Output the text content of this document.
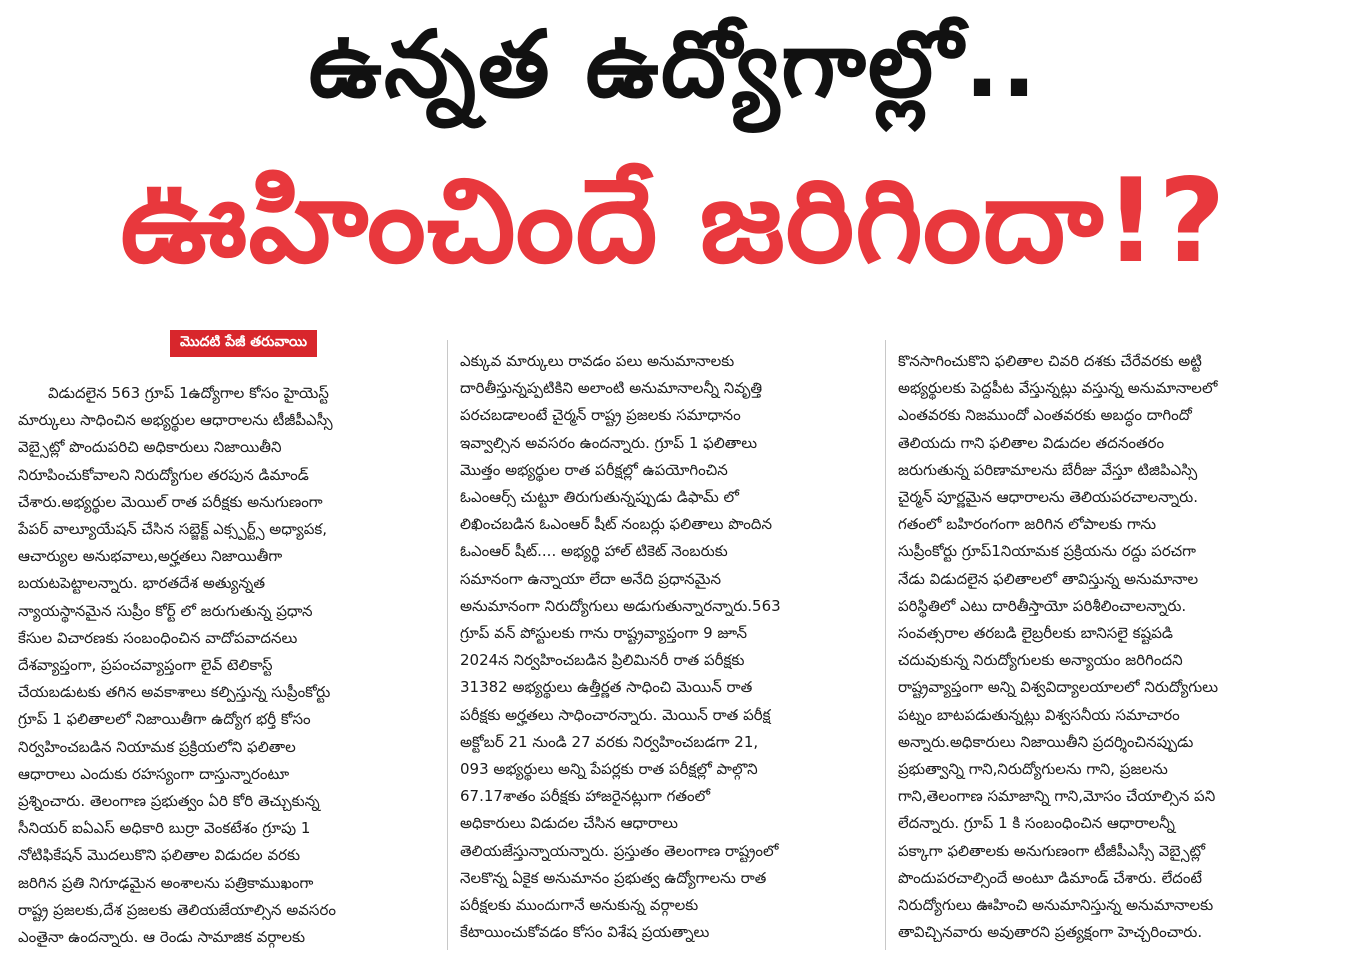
ఉన్నత ఉద్యోగాల్లో..
ఊహించిందే జరిగిందా!?
మొదటి పేజీ తరువాయి
విడుదలైన 563 గ్రూప్ 1ఉద్యోగాల కోసం హైయెస్ట్
మార్కులు సాధించిన అభ్యర్థుల ఆధారాలను టీజీపీఎస్సీ
వెబ్సైట్లో పొందుపరిచి అధికారులు నిజాయితీని
నిరూపించుకోవాలని నిరుద్యోగుల తరపున డిమాండ్
చేశారు.అభ్యర్థుల మెయిల్ రాత పరీక్షకు అనుగుణంగా
పేపర్ వాల్యూయేషన్ చేసిన సబ్జెక్ట్ ఎక్స్పర్ట్స్ అధ్యాపక,
ఆచార్యుల అనుభవాలు,అర్హతలు నిజాయితీగా
బయటపెట్టాలన్నారు. భారతదేశ అత్యున్నత
న్యాయస్థానమైన సుప్రీం కోర్ట్ లో జరుగుతున్న ప్రధాన
కేసుల విచారణకు సంబంధించిన వాదోపవాదనలు
దేశవ్యాప్తంగా, ప్రపంచవ్యాప్తంగా లైవ్ టెలికాస్ట్
చేయబడుటకు తగిన అవకాశాలు కల్పిస్తున్న సుప్రీంకోర్టు
గ్రూప్ 1 ఫలితాలలో నిజాయితీగా ఉద్యోగ భర్తీ కోసం
నిర్వహించబడిన నియామక ప్రక్రియలోని ఫలితాల
ఆధారాలు ఎందుకు రహస్యంగా దాస్తున్నారంటూ
ప్రశ్నించారు. తెలంగాణ ప్రభుత్వం ఏరి కోరి తెచ్చుకున్న
సీనియర్ ఐఏఎస్ అధికారి బుర్రా వెంకటేశం గ్రూపు 1
నోటిఫికేషన్ మొదలుకొని ఫలితాల విడుదల వరకు
జరిగిన ప్రతి నిగూఢమైన అంశాలను పత్రికాముఖంగా
రాష్ట్ర ప్రజలకు,దేశ ప్రజలకు తెలియజేయాల్సిన అవసరం
ఎంతైనా ఉందన్నారు. ఆ రెండు సామాజిక వర్గాలకు
ఎక్కువ మార్కులు రావడం పలు అనుమానాలకు
దారితీస్తున్నప్పటికిని అలాంటి అనుమానాలన్నీ నివృత్తి
పరచబడాలంటే చైర్మన్ రాష్ట్ర ప్రజలకు సమాధానం
ఇవ్వాల్సిన అవసరం ఉందన్నారు. గ్రూప్ 1 ఫలితాలు
మొత్తం అభ్యర్థుల రాత పరీక్షల్లో ఉపయోగించిన
ఓఎంఆర్స్ చుట్టూ తిరుగుతున్నప్పుడు డిఫామ్ లో
లిఖించబడిన ఓఎంఆర్ షీట్ నంబర్లు ఫలితాలు పొందిన
ఓఎంఆర్ షీట్.... అభ్యర్థి హాల్ టికెట్ నెంబరుకు
సమానంగా ఉన్నాయా లేదా అనేది ప్రధానమైన
అనుమానంగా నిరుద్యోగులు అడుగుతున్నారన్నారు.563
గ్రూప్ వన్ పోస్టులకు గాను రాష్ట్రవ్యాప్తంగా 9 జూన్
2024న నిర్వహించబడిన ప్రిలిమినరీ రాత పరీక్షకు
31382 అభ్యర్థులు ఉత్తీర్ణత సాధించి మెయిన్ రాత
పరీక్షకు అర్హతలు సాధించారన్నారు. మెయిన్ రాత పరీక్ష
అక్టోబర్ 21 నుండి 27 వరకు నిర్వహించబడగా 21,
093 అభ్యర్థులు అన్ని పేపర్లకు రాత పరీక్షల్లో పాల్గొని
67.17శాతం పరీక్షకు హాజరైనట్లుగా గతంలో
అధికారులు విడుదల చేసిన ఆధారాలు
తెలియజేస్తున్నాయన్నారు. ప్రస్తుతం తెలంగాణ రాష్ట్రంలో
నెలకొన్న ఏకైక అనుమానం ప్రభుత్వ ఉద్యోగాలను రాత
పరీక్షలకు ముందుగానే అనుకున్న వర్గాలకు
కేటాయించుకోవడం కోసం విశేష ప్రయత్నాలు
కొనసాగించుకొని ఫలితాల చివరి దశకు చేరేవరకు అట్టి
అభ్యర్థులకు పెద్దపీట వేస్తున్నట్లు వస్తున్న అనుమానాలలో
ఎంతవరకు నిజముందో ఎంతవరకు అబద్ధం దాగిందో
తెలియదు గాని ఫలితాల విడుదల తదనంతరం
జరుగుతున్న పరిణామాలను బేరీజు వేస్తూ టిజిపిఎస్సి
చైర్మన్ పూర్ణమైన ఆధారాలను తెలియపరచాలన్నారు.
గతంలో బహిరంగంగా జరిగిన లోపాలకు గాను
సుప్రీంకోర్టు గ్రూప్1నియామక ప్రక్రియను రద్దు పరచగా
నేడు విడుదలైన ఫలితాలలో తావిస్తున్న అనుమానాల
పరిస్థితిలో ఎటు దారితీస్తాయో పరిశీలించాలన్నారు.
సంవత్సరాల తరబడి లైబ్రరీలకు బానిసలై కష్టపడి
చదువుకున్న నిరుద్యోగులకు అన్యాయం జరిగిందని
రాష్ట్రవ్యాప్తంగా అన్ని విశ్వవిద్యాలయాలలో నిరుద్యోగులు
పట్నం బాటపడుతున్నట్లు విశ్వసనీయ సమాచారం
అన్నారు.అధికారులు నిజాయితీని ప్రదర్శించినప్పుడు
ప్రభుత్వాన్ని గాని,నిరుద్యోగులను గాని, ప్రజలను
గాని,తెలంగాణ సమాజాన్ని గాని,మోసం చేయాల్సిన పని
లేదన్నారు. గ్రూప్ 1 కి సంబంధించిన ఆధారాలన్నీ
పక్కాగా ఫలితాలకు అనుగుణంగా టీజీపీఎస్సీ వెబ్సైట్లో
పొందుపరచాల్సిందే అంటూ డిమాండ్ చేశారు. లేదంటే
నిరుద్యోగులు ఊహించి అనుమానిస్తున్న అనుమానాలకు
తావిచ్చినవారు అవుతారని ప్రత్యక్షంగా హెచ్చరించారు.
